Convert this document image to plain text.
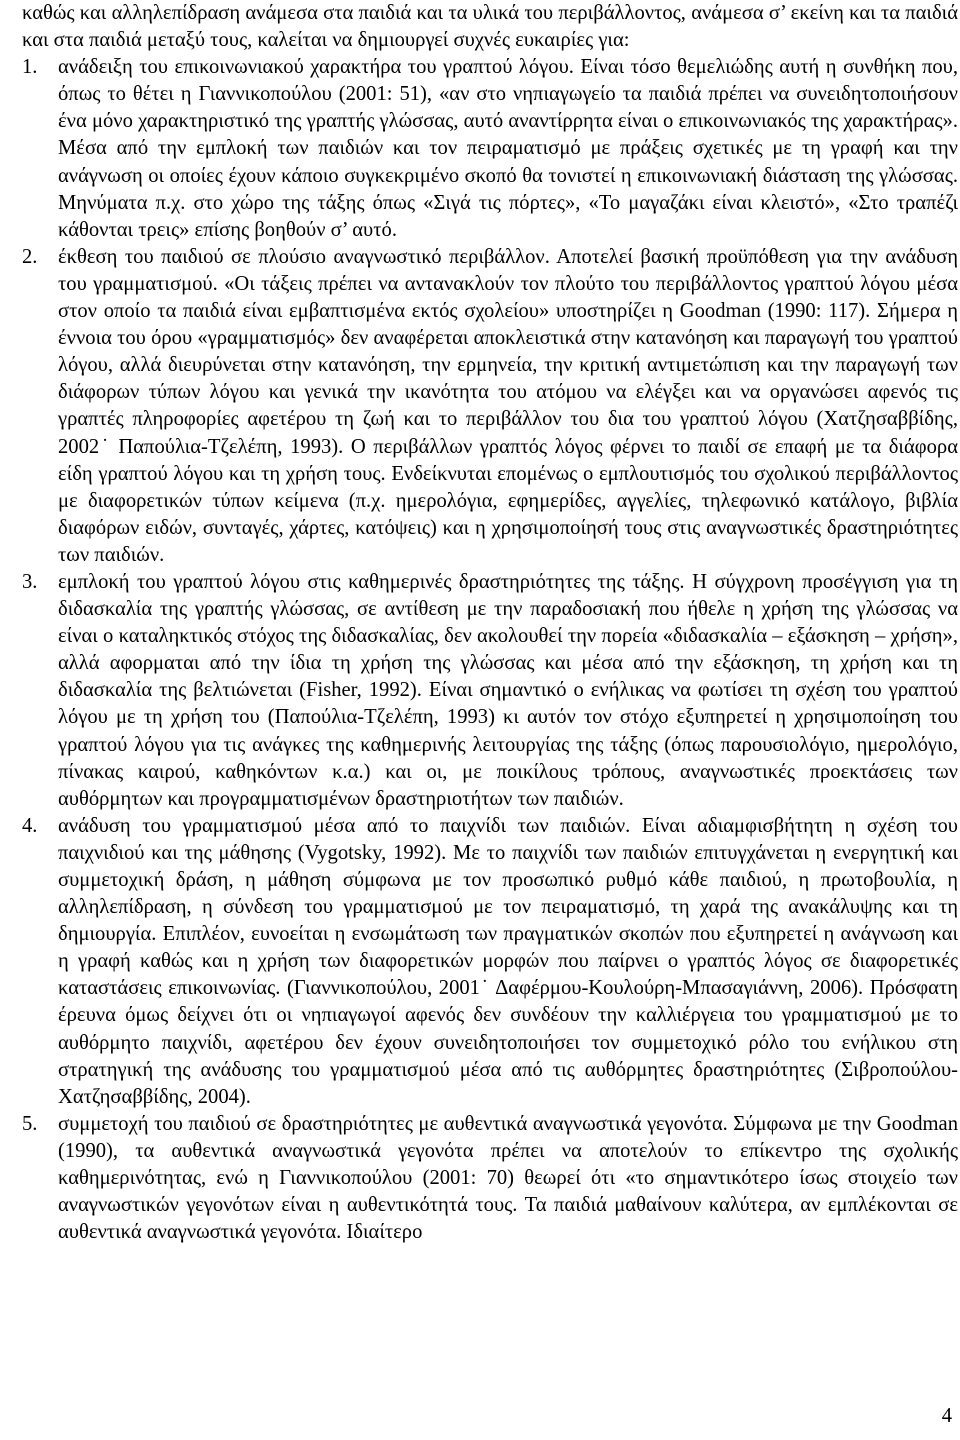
καθώς και αλληλεπίδραση ανάμεσα στα παιδιά και τα υλικά του περιβάλλοντος, ανάμεσα σ’ εκείνη και τα παιδιά και στα παιδιά μεταξύ τους, καλείται να δημιουργεί συχνές ευκαιρίες για:

1. ανάδειξη του επικοινωνιακού χαρακτήρα του γραπτού λόγου. Είναι τόσο θεμελιώδης αυτή η συνθήκη που, όπως το θέτει η Γιαννικοπούλου (2001: 51), «αν στο νηπιαγωγείο τα παιδιά πρέπει να συνειδητοποιήσουν ένα μόνο χαρακτηριστικό της γραπτής γλώσσας, αυτό αναντίρρητα είναι ο επικοινωνιακός της χαρακτήρας». Μέσα από την εμπλοκή των παιδιών και τον πειραματισμό με πράξεις σχετικές με τη γραφή και την ανάγνωση οι οποίες έχουν κάποιο συγκεκριμένο σκοπό θα τονιστεί η επικοινωνιακή διάσταση της γλώσσας. Μηνύματα π.χ. στο χώρο της τάξης όπως «Σιγά τις πόρτες», «Το μαγαζάκι είναι κλειστό», «Στο τραπέζι κάθονται τρεις» επίσης βοηθούν σ’ αυτό.
2. έκθεση του παιδιού σε πλούσιο αναγνωστικό περιβάλλον. Αποτελεί βασική προϋπόθεση για την ανάδυση του γραμματισμού. «Οι τάξεις πρέπει να αντανακλούν τον πλούτο του περιβάλλοντος γραπτού λόγου μέσα στον οποίο τα παιδιά είναι εμβαπτισμένα εκτός σχολείου» υποστηρίζει η Goodman (1990: 117). Σήμερα η έννοια του όρου «γραμματισμός» δεν αναφέρεται αποκλειστικά στην κατανόηση και παραγωγή του γραπτού λόγου, αλλά διευρύνεται στην κατανόηση, την ερμηνεία, την κριτική αντιμετώπιση και την παραγωγή των διάφορων τύπων λόγου και γενικά την ικανότητα του ατόμου να ελέγξει και να οργανώσει αφενός τις γραπτές πληροφορίες αφετέρου τη ζωή και το περιβάλλον του δια του γραπτού λόγου (Χατζησαββίδης, 2002˙ Παπούλια-Τζελέπη, 1993). Ο περιβάλλων γραπτός λόγος φέρνει το παιδί σε επαφή με τα διάφορα είδη γραπτού λόγου και τη χρήση τους. Ενδείκνυται επομένως ο εμπλουτισμός του σχολικού περιβάλλοντος με διαφορετικών τύπων κείμενα (π.χ. ημερολόγια, εφημερίδες, αγγελίες, τηλεφωνικό κατάλογο, βιβλία διαφόρων ειδών, συνταγές, χάρτες, κατόψεις) και η χρησιμοποίησή τους στις αναγνωστικές δραστηριότητες των παιδιών.
3. εμπλοκή του γραπτού λόγου στις καθημερινές δραστηριότητες της τάξης. Η σύγχρονη προσέγγιση για τη διδασκαλία της γραπτής γλώσσας, σε αντίθεση με την παραδοσιακή που ήθελε η χρήση της γλώσσας να είναι ο καταληκτικός στόχος της διδασκαλίας, δεν ακολουθεί την πορεία «διδασκαλία – εξάσκηση – χρήση», αλλά αφορμαται από την ίδια τη χρήση της γλώσσας και μέσα από την εξάσκηση, τη χρήση και τη διδασκαλία της βελτιώνεται (Fisher, 1992). Είναι σημαντικό ο ενήλικας να φωτίσει τη σχέση του γραπτού λόγου με τη χρήση του (Παπούλια-Τζελέπη, 1993) κι αυτόν τον στόχο εξυπηρετεί η χρησιμοποίηση του γραπτού λόγου για τις ανάγκες της καθημερινής λειτουργίας της τάξης (όπως παρουσιολόγιο, ημερολόγιο, πίνακας καιρού, καθηκόντων κ.α.) και οι, με ποικίλους τρόπους, αναγνωστικές προεκτάσεις των αυθόρμητων και προγραμματισμένων δραστηριοτήτων των παιδιών.
4. ανάδυση του γραμματισμού μέσα από το παιχνίδι των παιδιών. Είναι αδιαμφισβήτητη η σχέση του παιχνιδιού και της μάθησης (Vygotsky, 1992). Με το παιχνίδι των παιδιών επιτυγχάνεται η ενεργητική και συμμετοχική δράση, η μάθηση σύμφωνα με τον προσωπικό ρυθμό κάθε παιδιού, η πρωτοβουλία, η αλληλεπίδραση, η σύνδεση του γραμματισμού με τον πειραματισμό, τη χαρά της ανακάλυψης και τη δημιουργία. Επιπλέον, ευνοείται η ενσωμάτωση των πραγματικών σκοπών που εξυπηρετεί η ανάγνωση και η γραφή καθώς και η χρήση των διαφορετικών μορφών που παίρνει ο γραπτός λόγος σε διαφορετικές καταστάσεις επικοινωνίας. (Γιαννικοπούλου, 2001˙ Δαφέρμου-Κουλούρη-Μπασαγιάννη, 2006). Πρόσφατη έρευνα όμως δείχνει ότι οι νηπιαγωγοί αφενός δεν συνδέουν την καλλιέργεια του γραμματισμού με το αυθόρμητο παιχνίδι, αφετέρου δεν έχουν συνειδητοποιήσει τον συμμετοχικό ρόλο του ενήλικου στη στρατηγική της ανάδυσης του γραμματισμού μέσα από τις αυθόρμητες δραστηριότητες (Σιβροπούλου-Χατζησαββίδης, 2004).
5. συμμετοχή του παιδιού σε δραστηριότητες με αυθεντικά αναγνωστικά γεγονότα. Σύμφωνα με την Goodman (1990), τα αυθεντικά αναγνωστικά γεγονότα πρέπει να αποτελούν το επίκεντρο της σχολικής καθημερινότητας, ενώ η Γιαννικοπούλου (2001: 70) θεωρεί ότι «το σημαντικότερο ίσως στοιχείο των αναγνωστικών γεγονότων είναι η αυθεντικότητά τους. Τα παιδιά μαθαίνουν καλύτερα, αν εμπλέκονται σε αυθεντικά αναγνωστικά γεγονότα. Ιδιαίτερο
4
